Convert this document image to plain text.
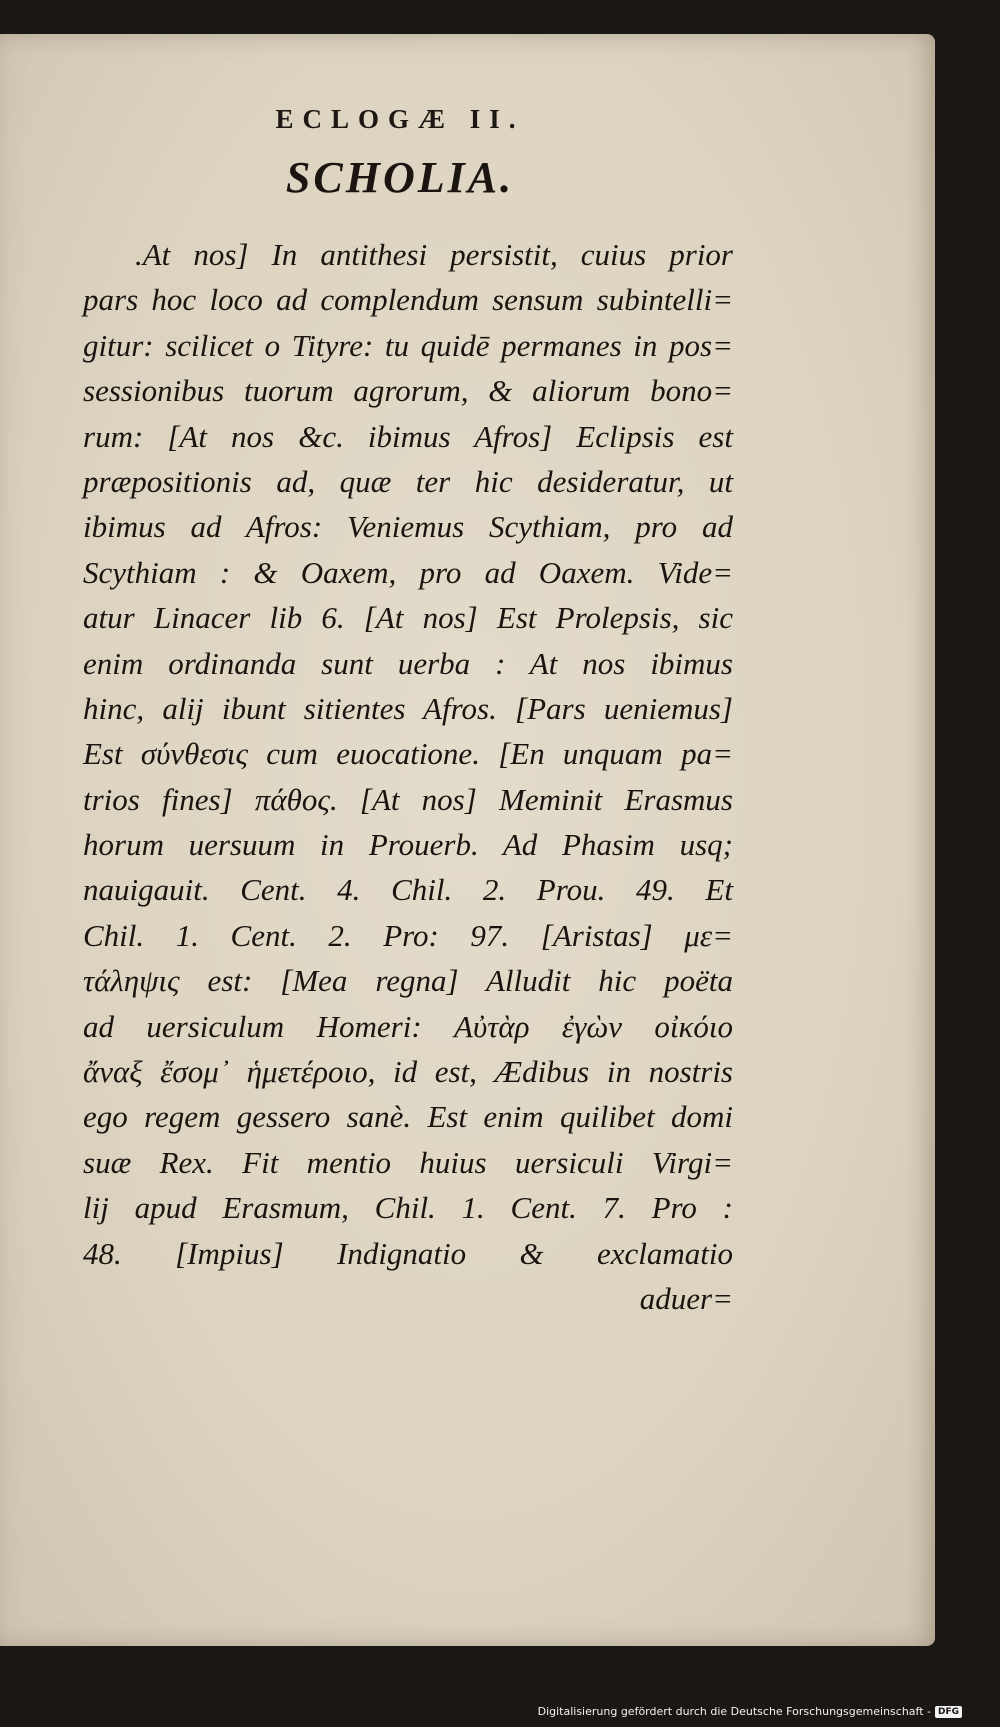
ECLOGÆ II.
SCHOLIA.
.At nos] In antithesi persistit, cuius prior
pars hoc loco ad complendum sensum subintelli=
gitur: scilicet o Tityre: tu quidē permanes in pos=
sessionibus tuorum agrorum, & aliorum bono=
rum: [At nos &c. ibimus Afros] Eclipsis est
præpositionis ad, quæ ter hic desideratur, ut
ibimus ad Afros: Veniemus Scythiam, pro ad
Scythiam : & Oaxem, pro ad Oaxem. Vide=
atur Linacer lib 6. [At nos] Est Prolepsis, sic
enim ordinanda sunt uerba : At nos ibimus
hinc, alij ibunt sitientes Afros. [Pars ueniemus]
Est σύνθεσις cum euocatione. [En unquam pa=
trios fines] πάθος. [At nos] Meminit Erasmus
horum uersuum in Prouerb. Ad Phasim usq;
nauigauit. Cent. 4. Chil. 2. Prou. 49. Et
Chil. 1. Cent. 2. Pro: 97. [Aristas] με=
τάληψις est: [Mea regna] Alludit hic poëta
ad uersiculum Homeri: Αὐτὰρ ἐγὼν οἰκόιο
ἄναξ ἔσομ᾽ ἡμετέροιο, id est, Ædibus in nostris
ego regem gessero sanè. Est enim quilibet domi
suæ Rex. Fit mentio huius uersiculi Virgi=
lij apud Erasmum, Chil. 1. Cent. 7. Pro :
48. [Impius] Indignatio & exclamatio
aduer=
Digitalisierung gefördert durch die Deutsche Forschungsgemeinschaft - DFG
